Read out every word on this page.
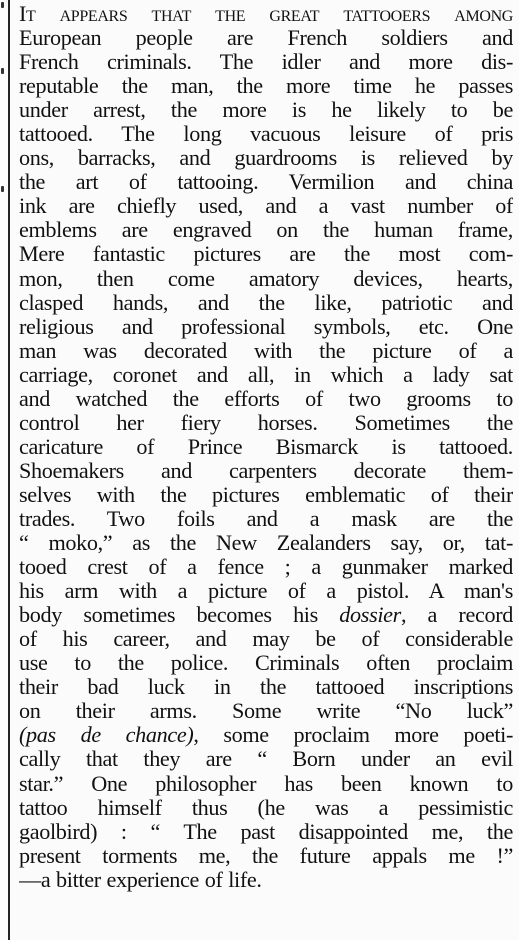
It appears that the great tattooers among
European people are French soldiers and
French criminals. The idler and more dis-
reputable the man, the more time he passes
under arrest, the more is he likely to be
tattooed. The long vacuous leisure of pris
ons, barracks, and guardrooms is relieved by
the art of tattooing. Vermilion and china
ink are chiefly used, and a vast number of
emblems are engraved on the human frame,
Mere fantastic pictures are the most com-
mon, then come amatory devices, hearts,
clasped hands, and the like, patriotic and
religious and professional symbols, etc. One
man was decorated with the picture of a
carriage, coronet and all, in which a lady sat
and watched the efforts of two grooms to
control her fiery horses. Sometimes the
caricature of Prince Bismarck is tattooed.
Shoemakers and carpenters decorate them-
selves with the pictures emblematic of their
trades. Two foils and a mask are the
“ moko,” as the New Zealanders say, or, tat-
tooed crest of a fence ; a gunmaker marked
his arm with a picture of a pistol. A man's
body sometimes becomes his dossier, a record
of his career, and may be of considerable
use to the police. Criminals often proclaim
their bad luck in the tattooed inscriptions
on their arms. Some write “No luck”
(pas de chance), some proclaim more poeti-
cally that they are “ Born under an evil
star.” One philosopher has been known to
tattoo himself thus (he was a pessimistic
gaolbird) : “ The past disappointed me, the
present torments me, the future appals me !”
—a bitter experience of life.
